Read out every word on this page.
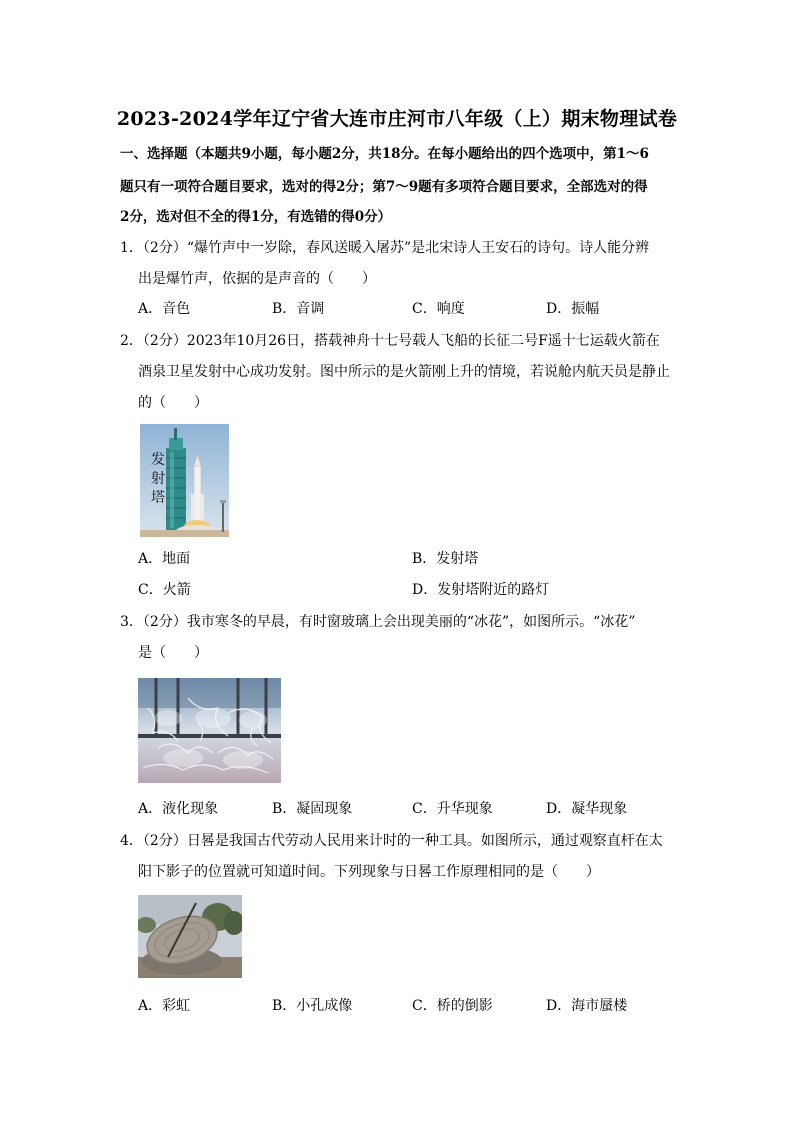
2023-2024学年辽宁省大连市庄河市八年级（上）期末物理试卷
一、选择题（本题共9小题，每小题2分，共18分。在每小题给出的四个选项中，第1～6
题只有一项符合题目要求，选对的得2分；第7～9题有多项符合题目要求，全部选对的得
2分，选对但不全的得1分，有选错的得0分）
1．（2分）“爆竹声中一岁除，春风送暖入屠苏”是北宋诗人王安石的诗句。诗人能分辨
出是爆竹声，依据的是声音的（　　）
A．音色	B．音调	C．响度	D．振幅
2．（2分）2023年10月26日，搭载神舟十七号载人飞船的长征二号F遥十七运载火箭在
酒泉卫星发射中心成功发射。图中所示的是火箭刚上升的情境，若说舱内航天员是静止
的（　　）
发
射
塔
A．地面	B．发射塔
C．火箭	D．发射塔附近的路灯
3．（2分）我市寒冬的早晨，有时窗玻璃上会出现美丽的“冰花”，如图所示。“冰花”
是（　　）
A．液化现象	B．凝固现象	C．升华现象	D．凝华现象
4．（2分）日晷是我国古代劳动人民用来计时的一种工具。如图所示，通过观察直杆在太
阳下影子的位置就可知道时间。下列现象与日晷工作原理相同的是（　　）
A．彩虹	B．小孔成像	C．桥的倒影	D．海市蜃楼
